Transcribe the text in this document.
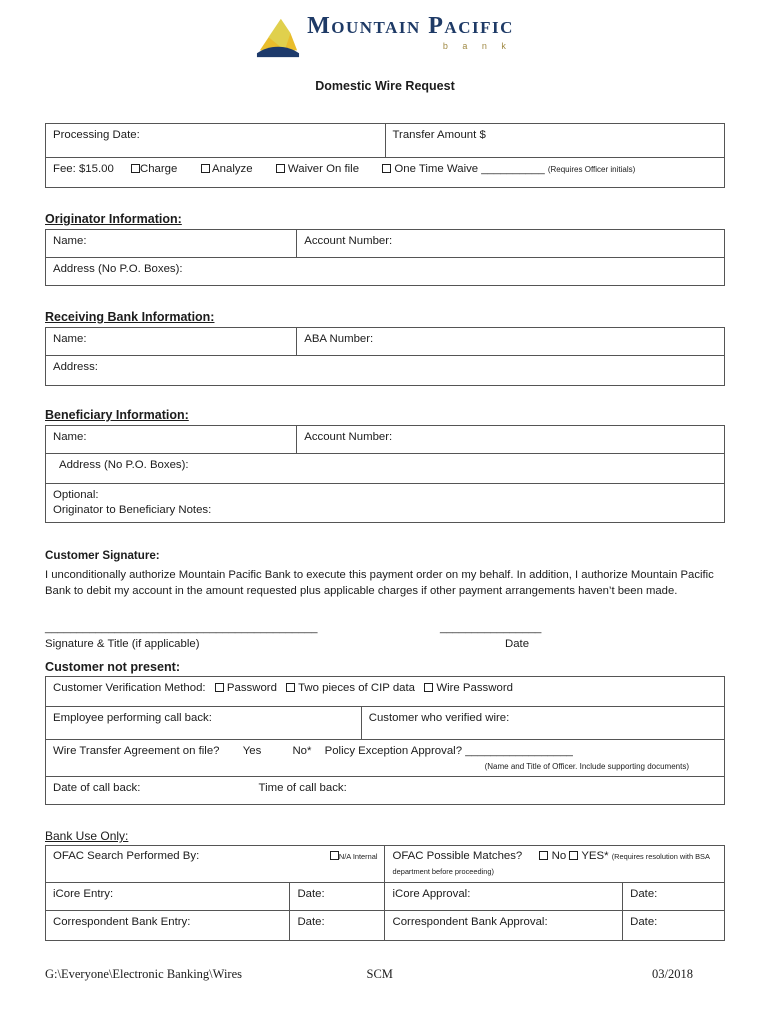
Mountain Pacific
b a n k
Domestic Wire Request
Processing Date:	Transfer Amount $
Fee: $15.00 Charge	Analyze	Waiver On file	One Time Waive __________ (Requires Officer initials)
Originator Information:
Name:	Account Number:
Address (No P.O. Boxes):
Receiving Bank Information:
Name:	ABA Number:
Address:
Beneficiary Information:
Name:	Account Number:
Address (No P.O. Boxes):

Optional:
Originator to Beneficiary Notes:
Customer Signature:
I unconditionally authorize Mountain Pacific Bank to execute this payment order on my behalf. In addition, I authorize Mountain Pacific Bank to debit my account in the amount requested plus applicable charges if other payment arrangements haven’t been made.
___________________________________________	________________
Signature & Title (if applicable)	Date
Customer not present:
Customer Verification Method: Password Two pieces of CIP data Wire Password
Employee performing call back:	Customer who verified wire:

Wire Transfer Agreement on file? Yes	No* Policy Exception Approval? _________________
(Name and Title of Officer. Include supporting documents)

Date of call back:	Time of call back:
Bank Use Only:
OFAC Search Performed By: N/A Internal		OFAC Possible Matches? No YES* (Requires resolution with BSA department before proceeding)	
iCore Entry:	Date:	iCore Approval:	Date:
Correspondent Bank Entry:	Date:	Correspondent Bank Approval:	Date:
G:\Everyone\Electronic Banking\Wires	SCM	03/2018
